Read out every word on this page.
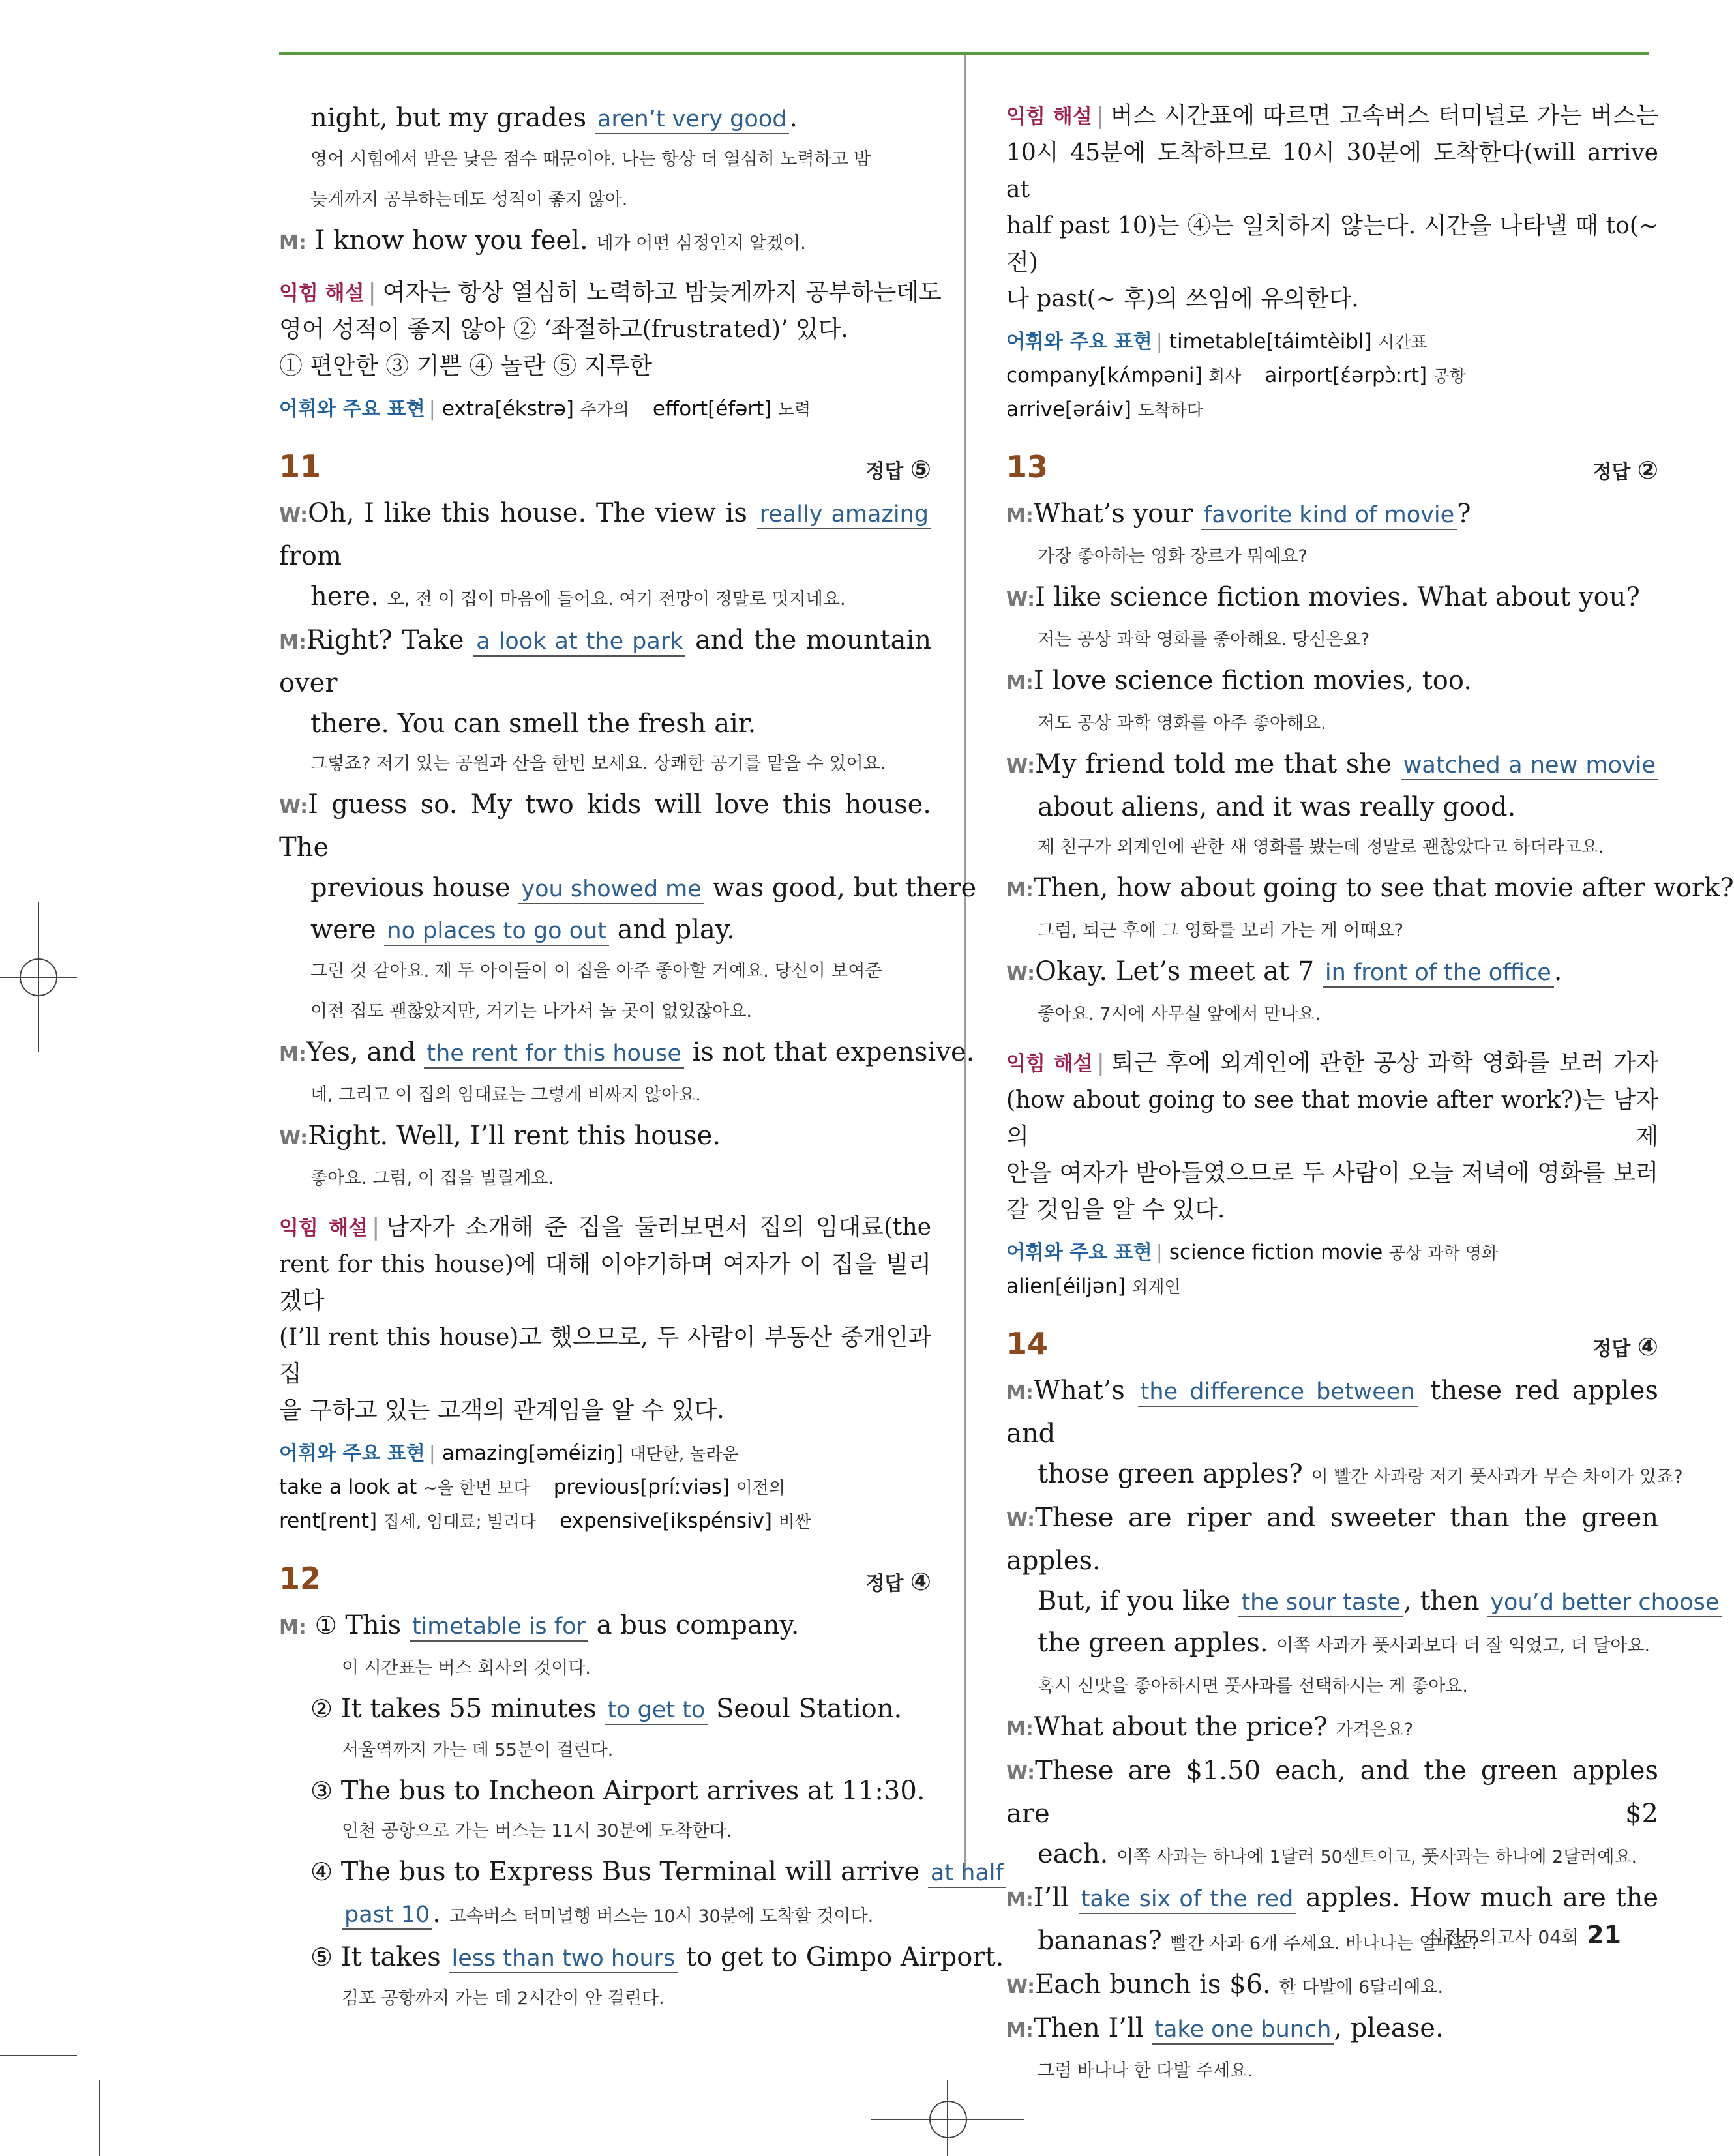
night, but my grades aren’t very good .
영어 시험에서 받은 낮은 점수 때문이야. 나는 항상 더 열심히 노력하고 밤
늦게까지 공부하는데도 성적이 좋지 않아.
M: I know how you feel. 네가 어떤 심정인지 알겠어.
익힘 해설 | 여자는 항상 열심히 노력하고 밤늦게까지 공부하는데도
영어 성적이 좋지 않아 ② ‘좌절하고(frustrated)’ 있다.
① 편안한 ③ 기쁜 ④ 놀란 ⑤ 지루한
어휘와 주요 표현 | extra[ékstrə] 추가의 effort[éfərt] 노력
11	정답 ⑤
W:Oh, I like this house. The view is really amazing from
here. 오, 전 이 집이 마음에 들어요. 여기 전망이 정말로 멋지네요.
M:Right? Take a look at the park and the mountain over
there. You can smell the fresh air.
그렇죠? 저기 있는 공원과 산을 한번 보세요. 상쾌한 공기를 맡을 수 있어요.
W:I guess so. My two kids will love this house. The
previous house you showed me was good, but there
were no places to go out and play.
그런 것 같아요. 제 두 아이들이 이 집을 아주 좋아할 거예요. 당신이 보여준
이전 집도 괜찮았지만, 거기는 나가서 놀 곳이 없었잖아요.
M:Yes, and the rent for this house is not that expensive.
네, 그리고 이 집의 임대료는 그렇게 비싸지 않아요.
W:Right. Well, I’ll rent this house.
좋아요. 그럼, 이 집을 빌릴게요.
익힘 해설 | 남자가 소개해 준 집을 둘러보면서 집의 임대료(the
rent for this house)에 대해 이야기하며 여자가 이 집을 빌리겠다
(I’ll rent this house)고 했으므로, 두 사람이 부동산 중개인과 집
을 구하고 있는 고객의 관계임을 알 수 있다.
어휘와 주요 표현 | amazing[əméiziŋ] 대단한, 놀라운
take a look at ~을 한번 보다 previous[príːviəs] 이전의
rent[rent] 집세, 임대료; 빌리다 expensive[ikspénsiv] 비싼
12	정답 ④
M: ① This timetable is for a bus company.
이 시간표는 버스 회사의 것이다.
② It takes 55 minutes to get to Seoul Station.
서울역까지 가는 데 55분이 걸린다.
③ The bus to Incheon Airport arrives at 11:30.
인천 공항으로 가는 버스는 11시 30분에 도착한다.
④ The bus to Express Bus Terminal will arrive at half
past 10 . 고속버스 터미널행 버스는 10시 30분에 도착할 것이다.
⑤ It takes less than two hours to get to Gimpo Airport.
김포 공항까지 가는 데 2시간이 안 걸린다.
익힘 해설 | 버스 시간표에 따르면 고속버스 터미널로 가는 버스는
10시 45분에 도착하므로 10시 30분에 도착한다(will arrive at
half past 10)는 ④는 일치하지 않는다. 시간을 나타낼 때 to(~ 전)
나 past(~ 후)의 쓰임에 유의한다.
어휘와 주요 표현 | timetable[táimtèibl] 시간표
company[kʌ́mpəni] 회사 airport[ɛ́ərpɔ̀ːrt] 공항
arrive[əráiv] 도착하다
13	정답 ②
M:What’s your favorite kind of movie ?
가장 좋아하는 영화 장르가 뭐예요?
W:I like science fiction movies. What about you?
저는 공상 과학 영화를 좋아해요. 당신은요?
M:I love science fiction movies, too.
저도 공상 과학 영화를 아주 좋아해요.
W:My friend told me that she watched a new movie
about aliens, and it was really good.
제 친구가 외계인에 관한 새 영화를 봤는데 정말로 괜찮았다고 하더라고요.
M:Then, how about going to see that movie after work?
그럼, 퇴근 후에 그 영화를 보러 가는 게 어때요?
W:Okay. Let’s meet at 7 in front of the office .
좋아요. 7시에 사무실 앞에서 만나요.
익힘 해설 | 퇴근 후에 외계인에 관한 공상 과학 영화를 보러 가자
(how about going to see that movie after work?)는 남자의 제
안을 여자가 받아들였으므로 두 사람이 오늘 저녁에 영화를 보러
갈 것임을 알 수 있다.
어휘와 주요 표현 | science fiction movie 공상 과학 영화
alien[éiljən] 외계인
14	정답 ④
M:What’s the difference between these red apples and
those green apples? 이 빨간 사과랑 저기 풋사과가 무슨 차이가 있죠?
W:These are riper and sweeter than the green apples.
But, if you like the sour taste , then you’d better choose
the green apples. 이쪽 사과가 풋사과보다 더 잘 익었고, 더 달아요.
혹시 신맛을 좋아하시면 풋사과를 선택하시는 게 좋아요.
M:What about the price? 가격은요?
W:These are $1.50 each, and the green apples are $2
each. 이쪽 사과는 하나에 1달러 50센트이고, 풋사과는 하나에 2달러예요.
M:I’ll take six of the red apples. How much are the
bananas? 빨간 사과 6개 주세요. 바나나는 얼마죠?
W:Each bunch is $6. 한 다발에 6달러예요.
M:Then I’ll take one bunch , please.
그럼 바나나 한 다발 주세요.
실전모의고사 04회 21
